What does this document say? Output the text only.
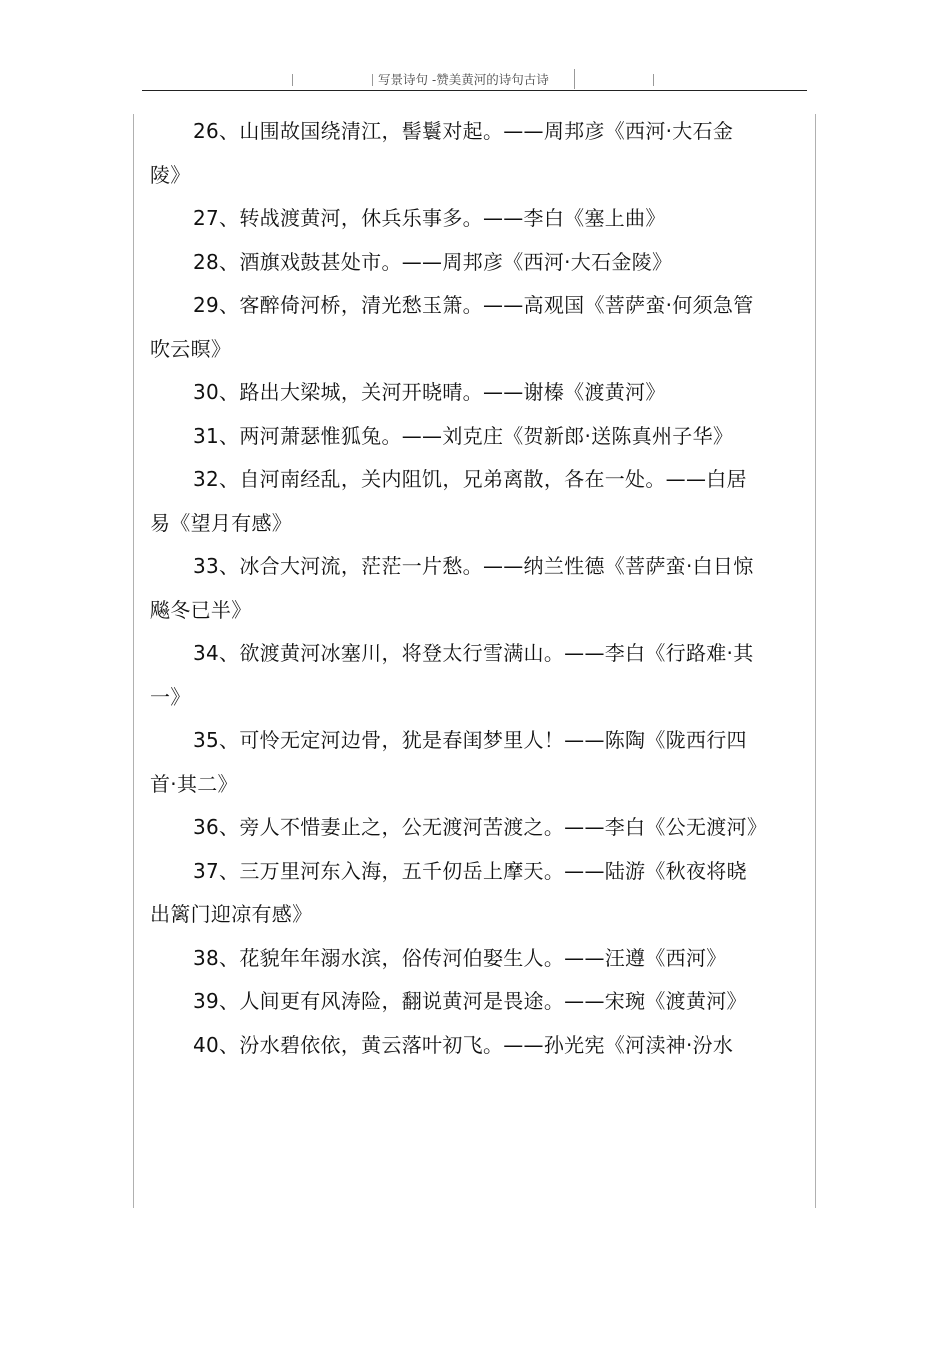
写景诗句 -赞美黄河的诗句古诗

26、山围故国绕清江，髻鬟对起。——周邦彦《西河·大石金陵》

27、转战渡黄河，休兵乐事多。——李白《塞上曲》

28、酒旗戏鼓甚处市。——周邦彦《西河·大石金陵》

29、客醉倚河桥，清光愁玉箫。——高观国《菩萨蛮·何须急管吹云暝》

30、路出大梁城，关河开晓晴。——谢榛《渡黄河》

31、两河萧瑟惟狐兔。——刘克庄《贺新郎·送陈真州子华》

32、自河南经乱，关内阻饥，兄弟离散，各在一处。——白居易《望月有感》

33、冰合大河流，茫茫一片愁。——纳兰性德《菩萨蛮·白日惊飚冬已半》

34、欲渡黄河冰塞川，将登太行雪满山。——李白《行路难·其一》

35、可怜无定河边骨，犹是春闺梦里人！——陈陶《陇西行四首·其二》

36、旁人不惜妻止之，公无渡河苦渡之。——李白《公无渡河》

37、三万里河东入海，五千仞岳上摩天。——陆游《秋夜将晓出篱门迎凉有感》

38、花貌年年溺水滨，俗传河伯娶生人。——汪遵《西河》

39、人间更有风涛险，翻说黄河是畏途。——宋琬《渡黄河》

40、汾水碧依依，黄云落叶初飞。——孙光宪《河渎神·汾水
